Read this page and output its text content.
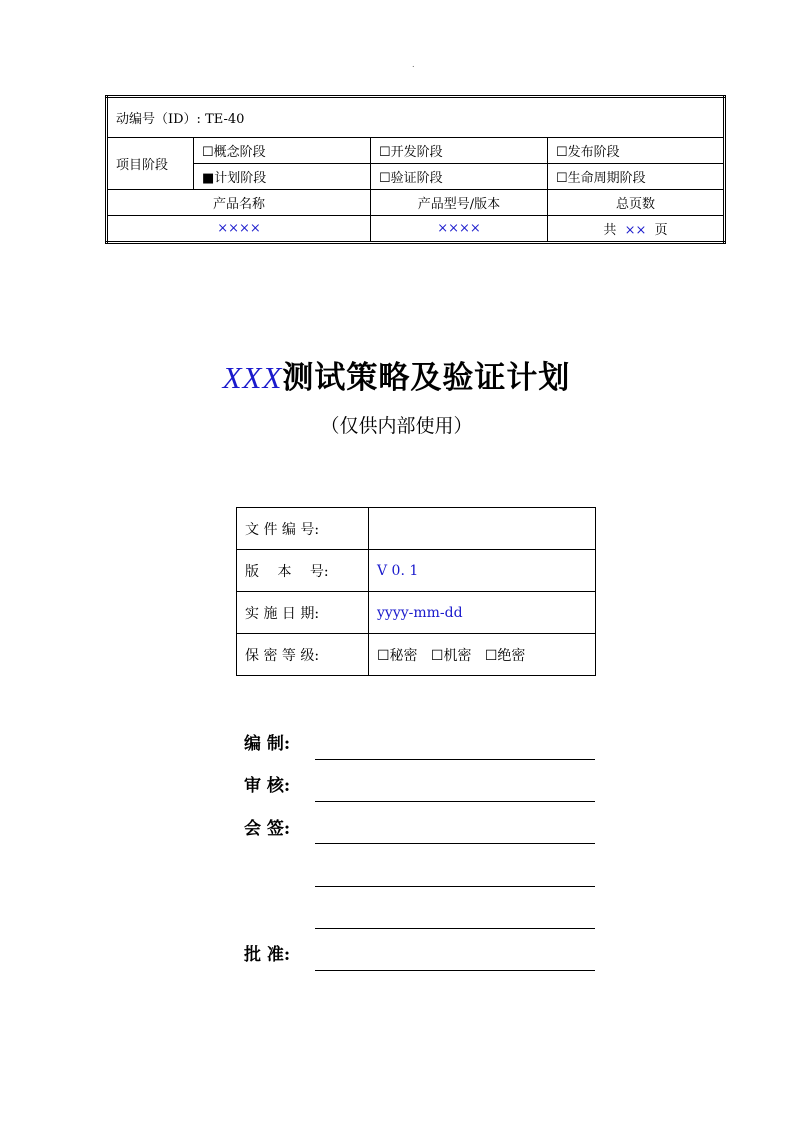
.
动编号（ID）: TE-40			
项目阶段	☐概念阶段	☐开发阶段	☐发布阶段
	■计划阶段	☐验证阶段	☐生命周期阶段
产品名称		产品型号/版本	总页数
××××		××××	共 ×× 页
XXX测试策略及验证计划
（仅供内部使用）
文 件 编 号:	
版　 本　 号:	V 0. 1
实 施 日 期:	yyyy-mm-dd
保 密 等 级:	☐秘密 ☐机密 ☐绝密
编 制:
审 核:
会 签:
批 准:
